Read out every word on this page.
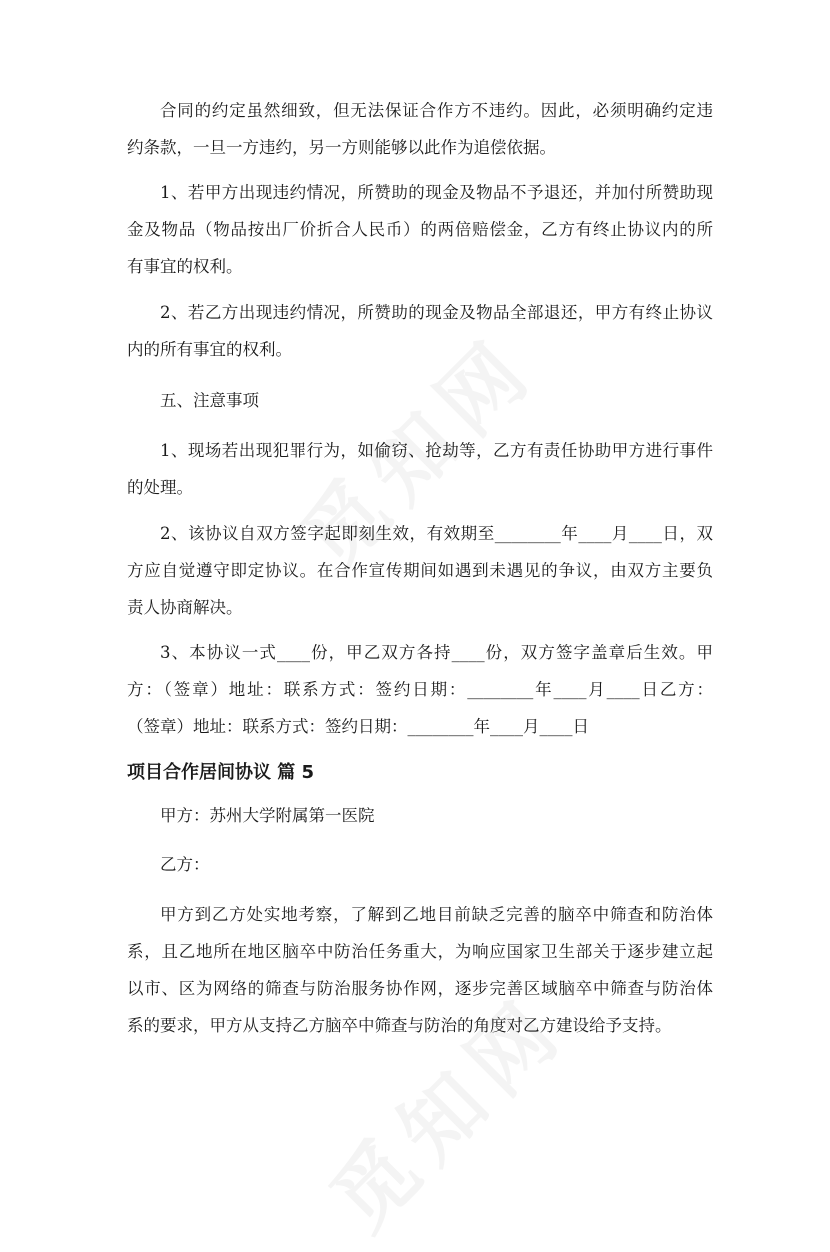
合同的约定虽然细致，但无法保证合作方不违约。因此，必须明确约定违
约条款，一旦一方违约，另一方则能够以此作为追偿依据。
1、若甲方出现违约情况，所赞助的现金及物品不予退还，并加付所赞助现
金及物品（物品按出厂价折合人民币）的两倍赔偿金，乙方有终止协议内的所
有事宜的权利。
2、若乙方出现违约情况，所赞助的现金及物品全部退还，甲方有终止协议
内的所有事宜的权利。
五、注意事项
1、现场若出现犯罪行为，如偷窃、抢劫等，乙方有责任协助甲方进行事件
的处理。
2、该协议自双方签字起即刻生效，有效期至________年____月____日，双
方应自觉遵守即定协议。在合作宣传期间如遇到未遇见的争议，由双方主要负
责人协商解决。
3、本协议一式____份，甲乙双方各持____份，双方签字盖章后生效。甲
方：（签章）地址：联系方式：签约日期：________年____月____日乙方：
（签章）地址：联系方式：签约日期：________年____月____日
项目合作居间协议 篇 5
甲方：苏州大学附属第一医院
乙方：
甲方到乙方处实地考察，了解到乙地目前缺乏完善的脑卒中筛查和防治体
系，且乙地所在地区脑卒中防治任务重大，为响应国家卫生部关于逐步建立起
以市、区为网络的筛查与防治服务协作网，逐步完善区域脑卒中筛查与防治体
系的要求，甲方从支持乙方脑卒中筛查与防治的角度对乙方建设给予支持。
